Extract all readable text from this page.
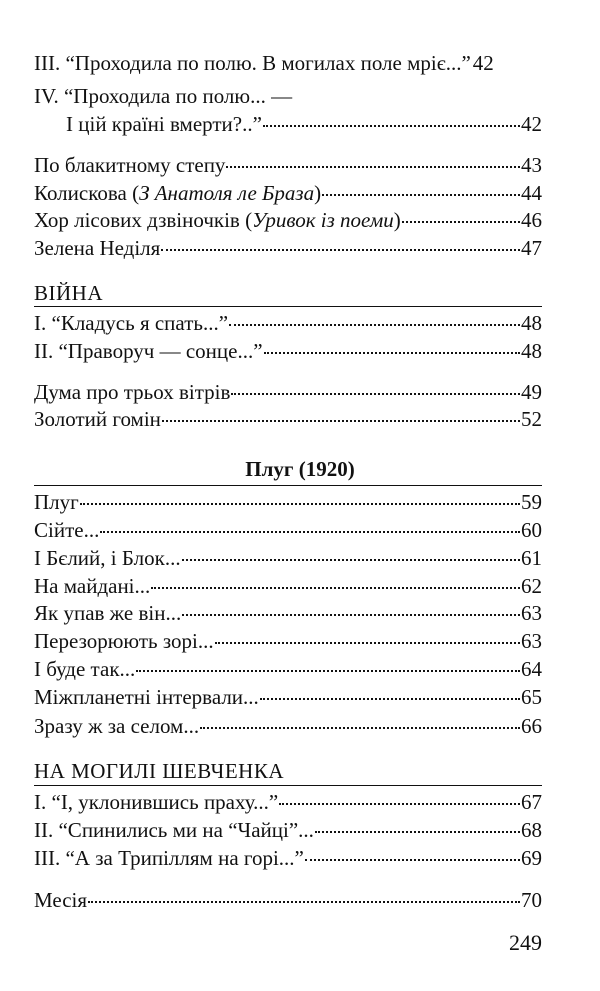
III. “Проходила по полю. В могилах поле мріє...” 42
IV. “Проходила по полю... —
І цій країні вмерти?..”	42
По блакитному степу	43
Колискова (З Анатоля ле Браза)	44
Хор лісових дзвіночків (Уривок із поеми)	46
Зелена Неділя	47
ВІЙНА
І. “Кладусь я спать...”	48
ІІ. “Праворуч — сонце...”	48
Дума про трьох вітрів	49
Золотий гомін	52
Плуг (1920)
Плуг	59
Сійте...	60
І Бєлий, і Блок...	61
На майдані...	62
Як упав же він...	63
Перезорюють зорі...	63
І буде так...	64
Міжпланетні інтервали...	65
Зразу ж за селом...	66
НА МОГИЛІ ШЕВЧЕНКА
І. “І, уклонившись праху...”	67
ІІ. “Спинились ми на “Чайці”...	68
ІІІ. “А за Трипіллям на горі...”	69
Месія	70
249
